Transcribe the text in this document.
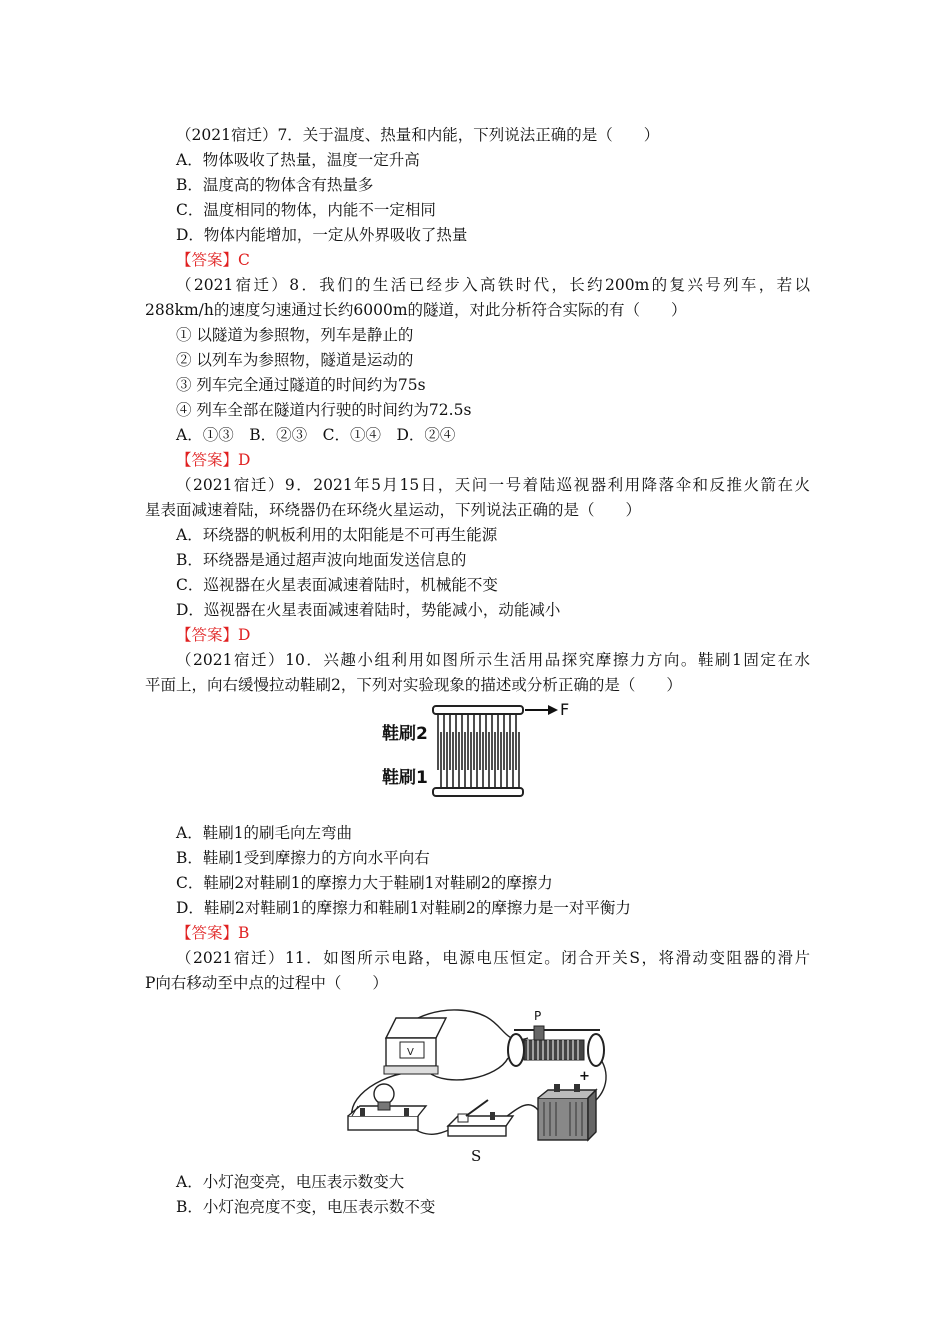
（2021宿迁）7．关于温度、热量和内能，下列说法正确的是（　　）
A．物体吸收了热量，温度一定升高
B．温度高的物体含有热量多
C．温度相同的物体，内能不一定相同
D．物体内能增加，一定从外界吸收了热量
【答案】C
（2021宿迁）8．我们的生活已经步入高铁时代，长约200m的复兴号列车，若以
288km/h的速度匀速通过长约6000m的隧道，对此分析符合实际的有（　　）
① 以隧道为参照物，列车是静止的
② 以列车为参照物，隧道是运动的
③ 列车完全通过隧道的时间约为75s
④ 列车全部在隧道内行驶的时间约为72.5s
A．①③　B．②③　C．①④　D．②④
【答案】D
（2021宿迁）9．2021年5月15日，天问一号着陆巡视器利用降落伞和反推火箭在火
星表面减速着陆，环绕器仍在环绕火星运动，下列说法正确的是（　　）
A．环绕器的帆板利用的太阳能是不可再生能源
B．环绕器是通过超声波向地面发送信息的
C．巡视器在火星表面减速着陆时，机械能不变
D．巡视器在火星表面减速着陆时，势能减小，动能减小
【答案】D
（2021宿迁）10．兴趣小组利用如图所示生活用品探究摩擦力方向。鞋刷1固定在水
平面上，向右缓慢拉动鞋刷2，下列对实验现象的描述或分析正确的是（　　）
鞋刷2
鞋刷1
F
A．鞋刷1的刷毛向左弯曲
B．鞋刷1受到摩擦力的方向水平向右
C．鞋刷2对鞋刷1的摩擦力大于鞋刷1对鞋刷2的摩擦力
D．鞋刷2对鞋刷1的摩擦力和鞋刷1对鞋刷2的摩擦力是一对平衡力
【答案】B
（2021宿迁）11．如图所示电路，电源电压恒定。闭合开关S，将滑动变阻器的滑片
P向右移动至中点的过程中（　　）
V
P
S
+
A．小灯泡变亮，电压表示数变大
B．小灯泡亮度不变，电压表示数不变
